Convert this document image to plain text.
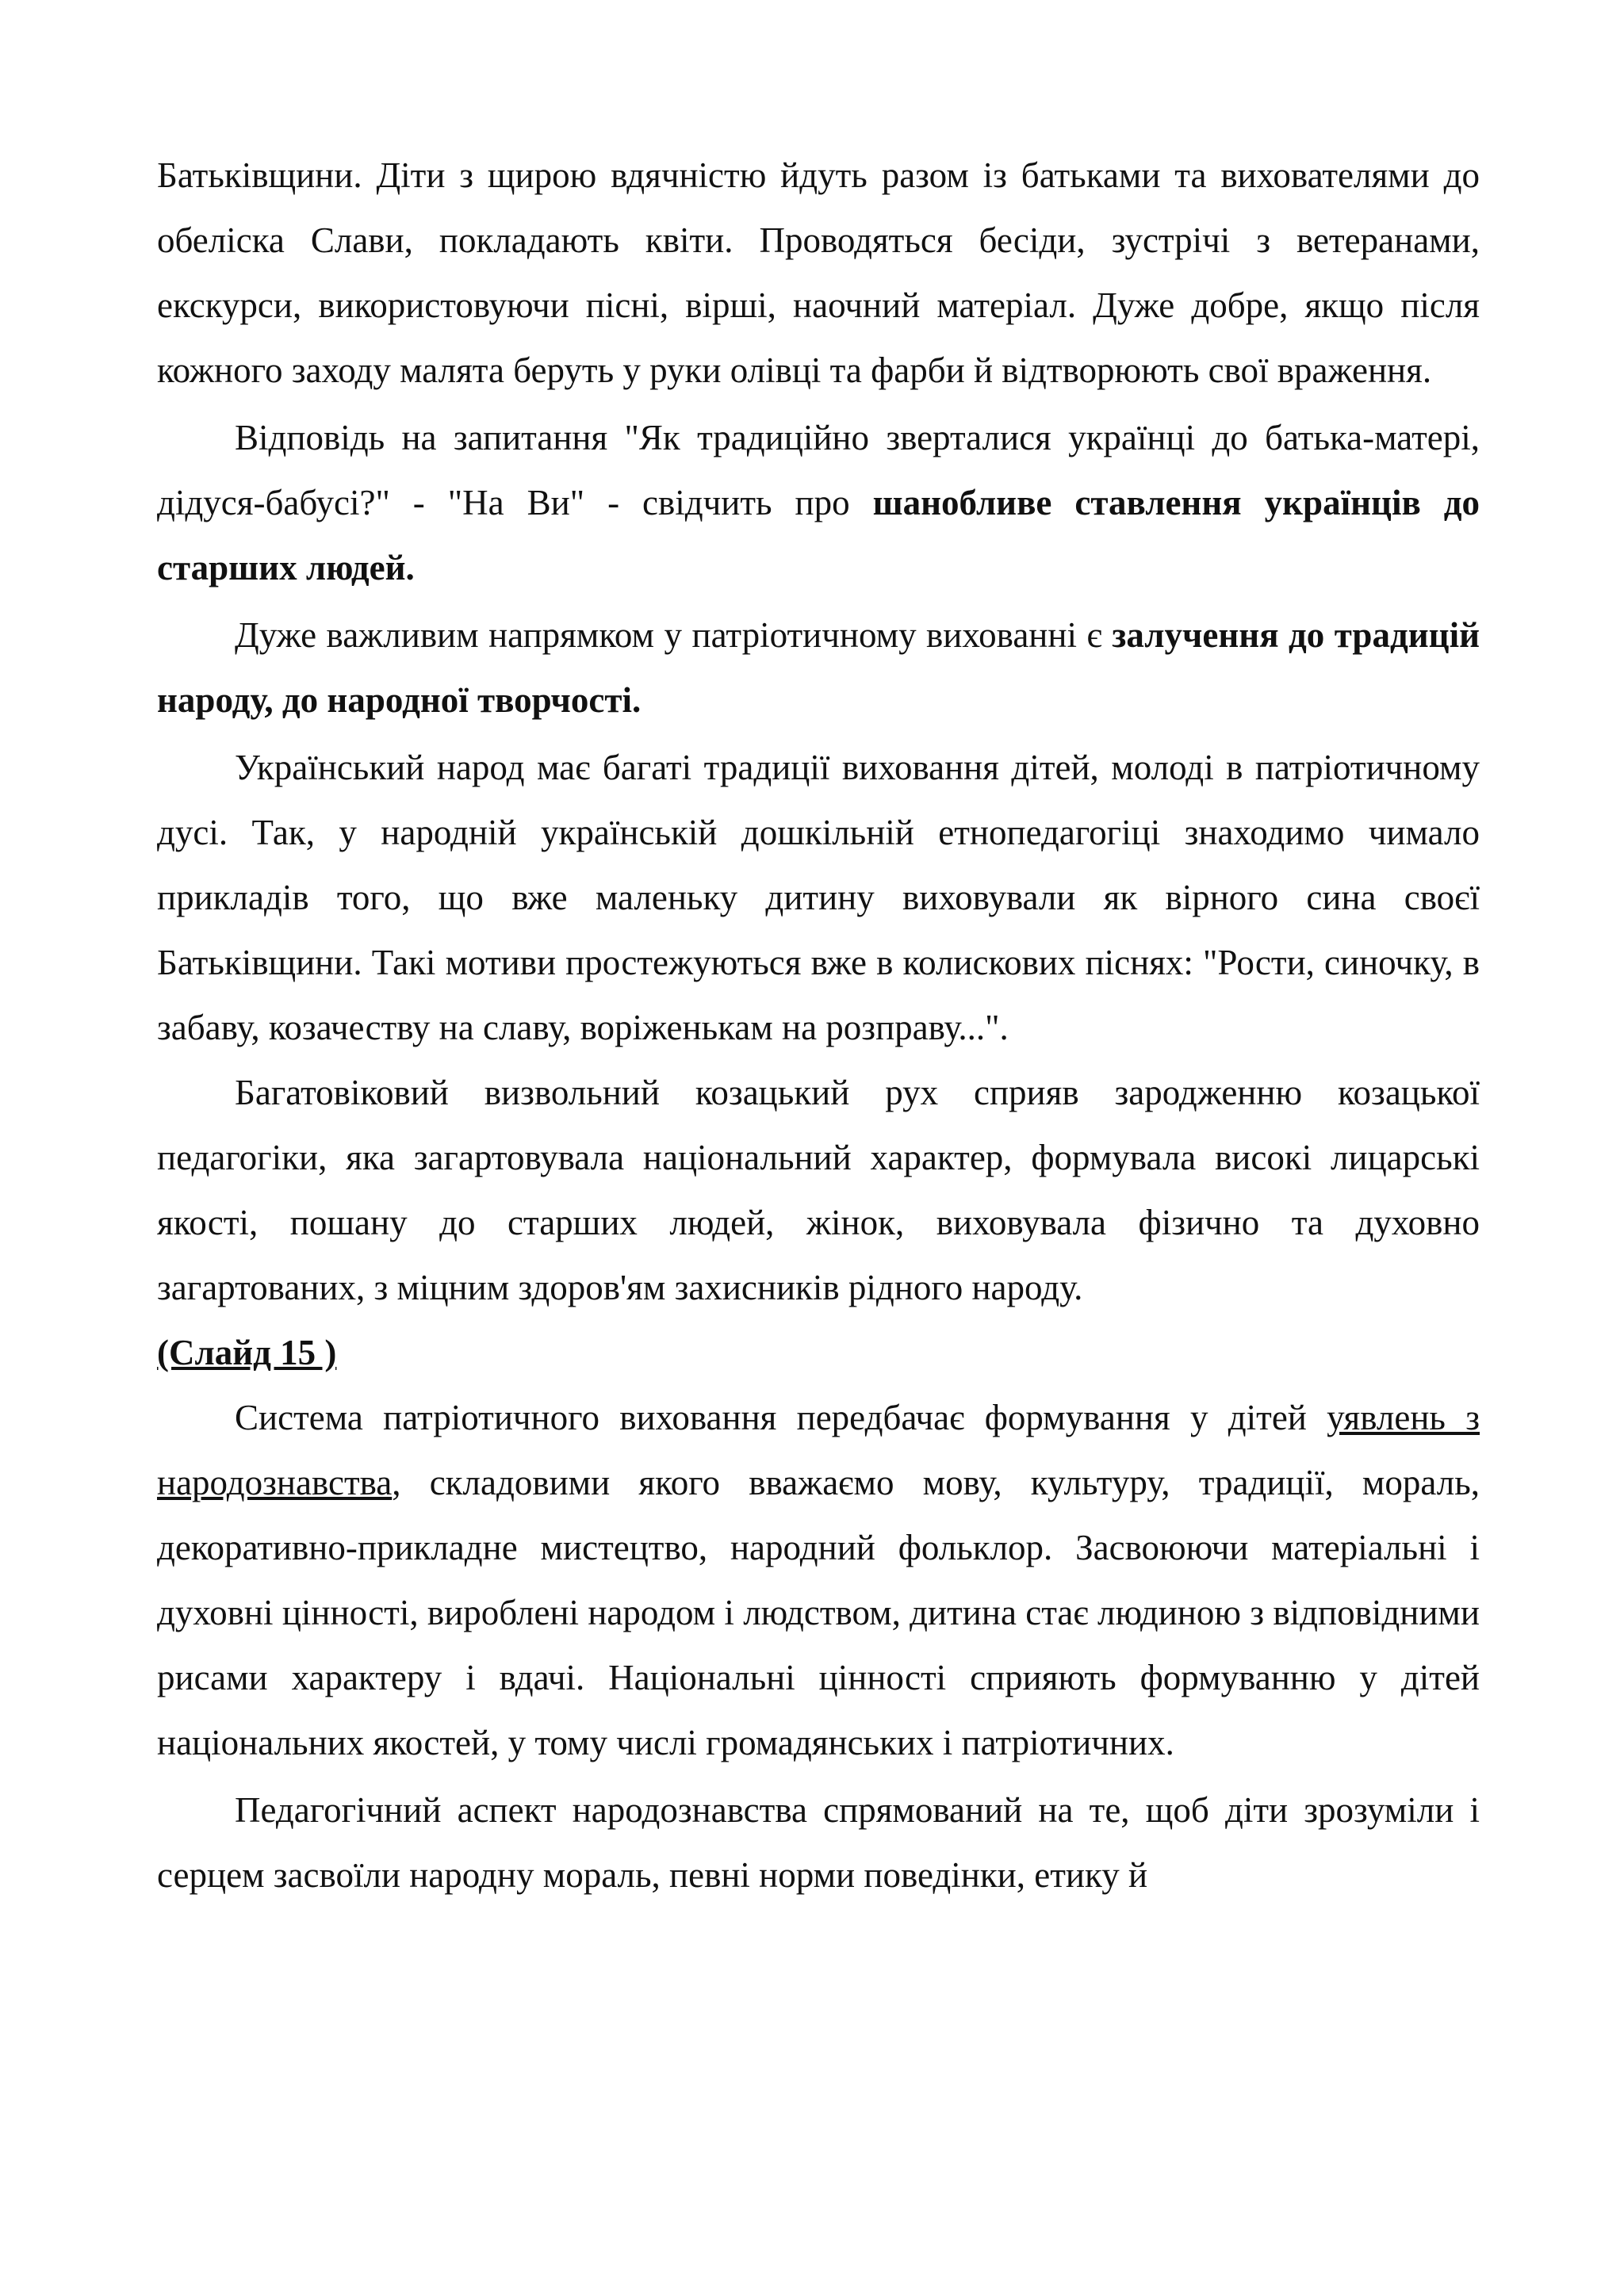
Батьківщини. Діти з щирою вдячністю йдуть разом із батьками та вихователями до обеліска Слави, покладають квіти. Проводяться бесіди, зустрічі з ветеранами, екскурси, використовуючи пісні, вірші, наочний матеріал. Дуже добре, якщо після кожного заходу малята беруть у руки олівці та фарби й відтворюють свої враження.

Відповідь на запитання "Як традиційно зверталися українці до батька-матері, дідуся-бабусі?" - "На Ви" - свідчить про шанобливе ставлення українців до старших людей.

Дуже важливим напрямком у патріотичному вихованні є залучення до традицій народу, до народної творчості.

Український народ має багаті традиції виховання дітей, молоді в патріотичному дусі. Так, у народній українській дошкільній етнопедагогіці знаходимо чимало прикладів того, що вже маленьку дитину виховували як вірного сина своєї Батьківщини. Такі мотиви простежуються вже в колискових піснях: "Рости, синочку, в забаву, козачеству на славу, воріженькам на розправу...".

Багатовіковий визвольний козацький рух сприяв зародженню козацької педагогіки, яка загартовувала національний характер, формувала високі лицарські якості, пошану до старших людей, жінок, виховувала фізично та духовно загартованих, з міцним здоров'ям захисників рідного народу.

(Слайд 15 )

Система патріотичного виховання передбачає формування у дітей уявлень з народознавства, складовими якого вважаємо мову, культуру, традиції, мораль, декоративно-прикладне мистецтво, народний фольклор. Засвоюючи матеріальні і духовні цінності, вироблені народом і людством, дитина стає людиною з відповідними рисами характеру і вдачі. Національні цінності сприяють формуванню у дітей національних якостей, у тому числі громадянських і патріотичних.

Педагогічний аспект народознавства спрямований на те, щоб діти зрозуміли і серцем засвоїли народну мораль, певні норми поведінки, етику й
